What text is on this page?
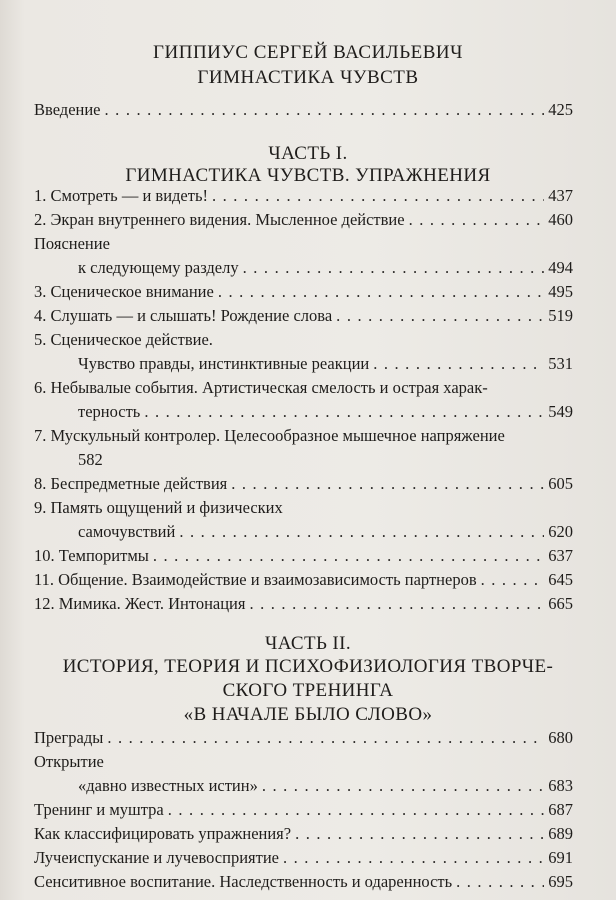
ГИППИУС СЕРГЕЙ ВАСИЛЬЕВИЧ
ГИМНАСТИКА ЧУВСТВ
Введение . . .	425
ЧАСТЬ I.
ГИМНАСТИКА ЧУВСТВ. УПРАЖНЕНИЯ
1. Смотреть — и видеть! . . .	437
2. Экран внутреннего видения. Мысленное действие . . .	460
Пояснение
к следующему разделу . . .	494
3. Сценическое внимание . . .	495
4. Слушать — и слышать! Рождение слова . . .	519
5. Сценическое действие.
Чувство правды, инстинктивные реакции . . .	531
6. Небывалые события. Артистическая смелость и острая харак-
терность . . .	549
7. Мускульный контролер. Целесообразное мышечное напряжение
582
8. Беспредметные действия . . .	605
9. Память ощущений и физических
самочувствий . . .	620
10. Темпоритмы . . .	637
11. Общение. Взаимодействие и взаимозависимость партнеров . . .	645
12. Мимика. Жест. Интонация . . .	665
ЧАСТЬ II.
ИСТОРИЯ, ТЕОРИЯ И ПСИХОФИЗИОЛОГИЯ ТВОРЧЕ-
СКОГО ТРЕНИНГА
«В НАЧАЛЕ БЫЛО СЛОВО»
Преграды . . .	680
Открытие
«давно известных истин» . . .	683
Тренинг и муштра . . .	687
Как классифицировать упражнения? . . .	689
Лучеиспускание и лучевосприятие . . .	691
Сенситивное воспитание. Наследственность и одаренность . . .	695
